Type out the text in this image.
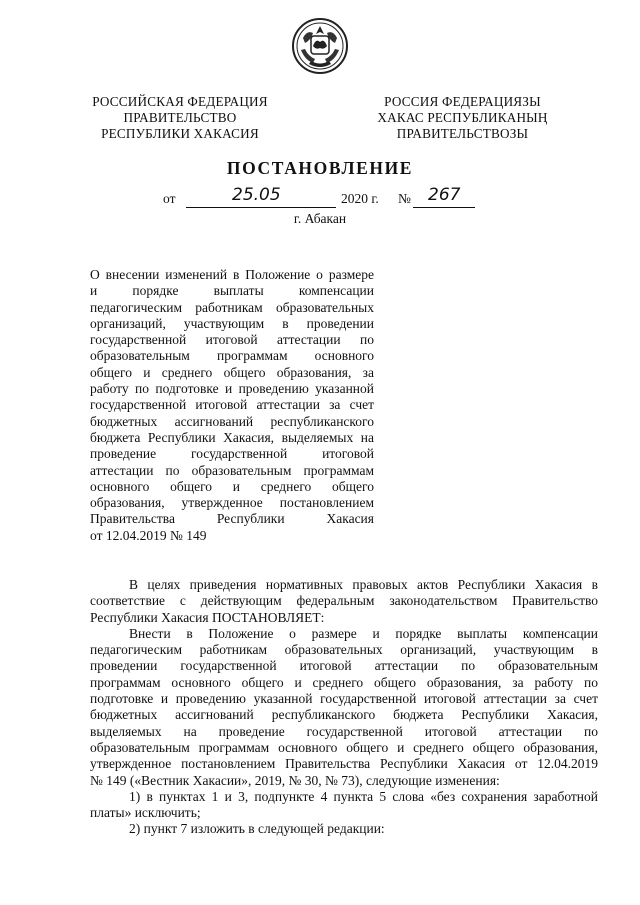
РОССИЙСКАЯ ФЕДЕРАЦИЯ
ПРАВИТЕЛЬСТВО
РЕСПУБЛИКИ ХАКАСИЯ
РОССИЯ ФЕДЕРАЦИЯЗЫ
ХАКАС РЕСПУБЛИКАНЫҢ
ПРАВИТЕЛЬСТВОЗЫ
ПОСТАНОВЛЕНИЕ
от	25.05	2020 г. № 267
г. Абакан
О внесении изменений в Положение о размере
и порядке выплаты компенсации
педагогическим работникам образовательных
организаций, участвующим в проведении
государственной итоговой аттестации по
образовательным программам основного
общего и среднего общего образования, за
работу по подготовке и проведению указанной
государственной итоговой аттестации за счет
бюджетных ассигнований республиканского
бюджета Республики Хакасия, выделяемых на
проведение государственной итоговой
аттестации по образовательным программам
основного общего и среднего общего
образования, утвержденное постановлением
Правительства Республики Хакасия
от 12.04.2019 № 149
В целях приведения нормативных правовых актов Республики Хакасия в
соответствие с действующим федеральным законодательством Правительство
Республики Хакасия ПОСТАНОВЛЯЕТ:
Внести в Положение о размере и порядке выплаты компенсации
педагогическим работникам образовательных организаций, участвующим в
проведении государственной итоговой аттестации по образовательным
программам основного общего и среднего общего образования, за работу по
подготовке и проведению указанной государственной итоговой аттестации за счет
бюджетных ассигнований республиканского бюджета Республики Хакасия,
выделяемых на проведение государственной итоговой аттестации по
образовательным программам основного общего и среднего общего образования,
утвержденное постановлением Правительства Республики Хакасия от 12.04.2019
№ 149 («Вестник Хакасии», 2019, № 30, № 73), следующие изменения:
1) в пунктах 1 и 3, подпункте 4 пункта 5 слова «без сохранения заработной
платы» исключить;
2) пункт 7 изложить в следующей редакции:
